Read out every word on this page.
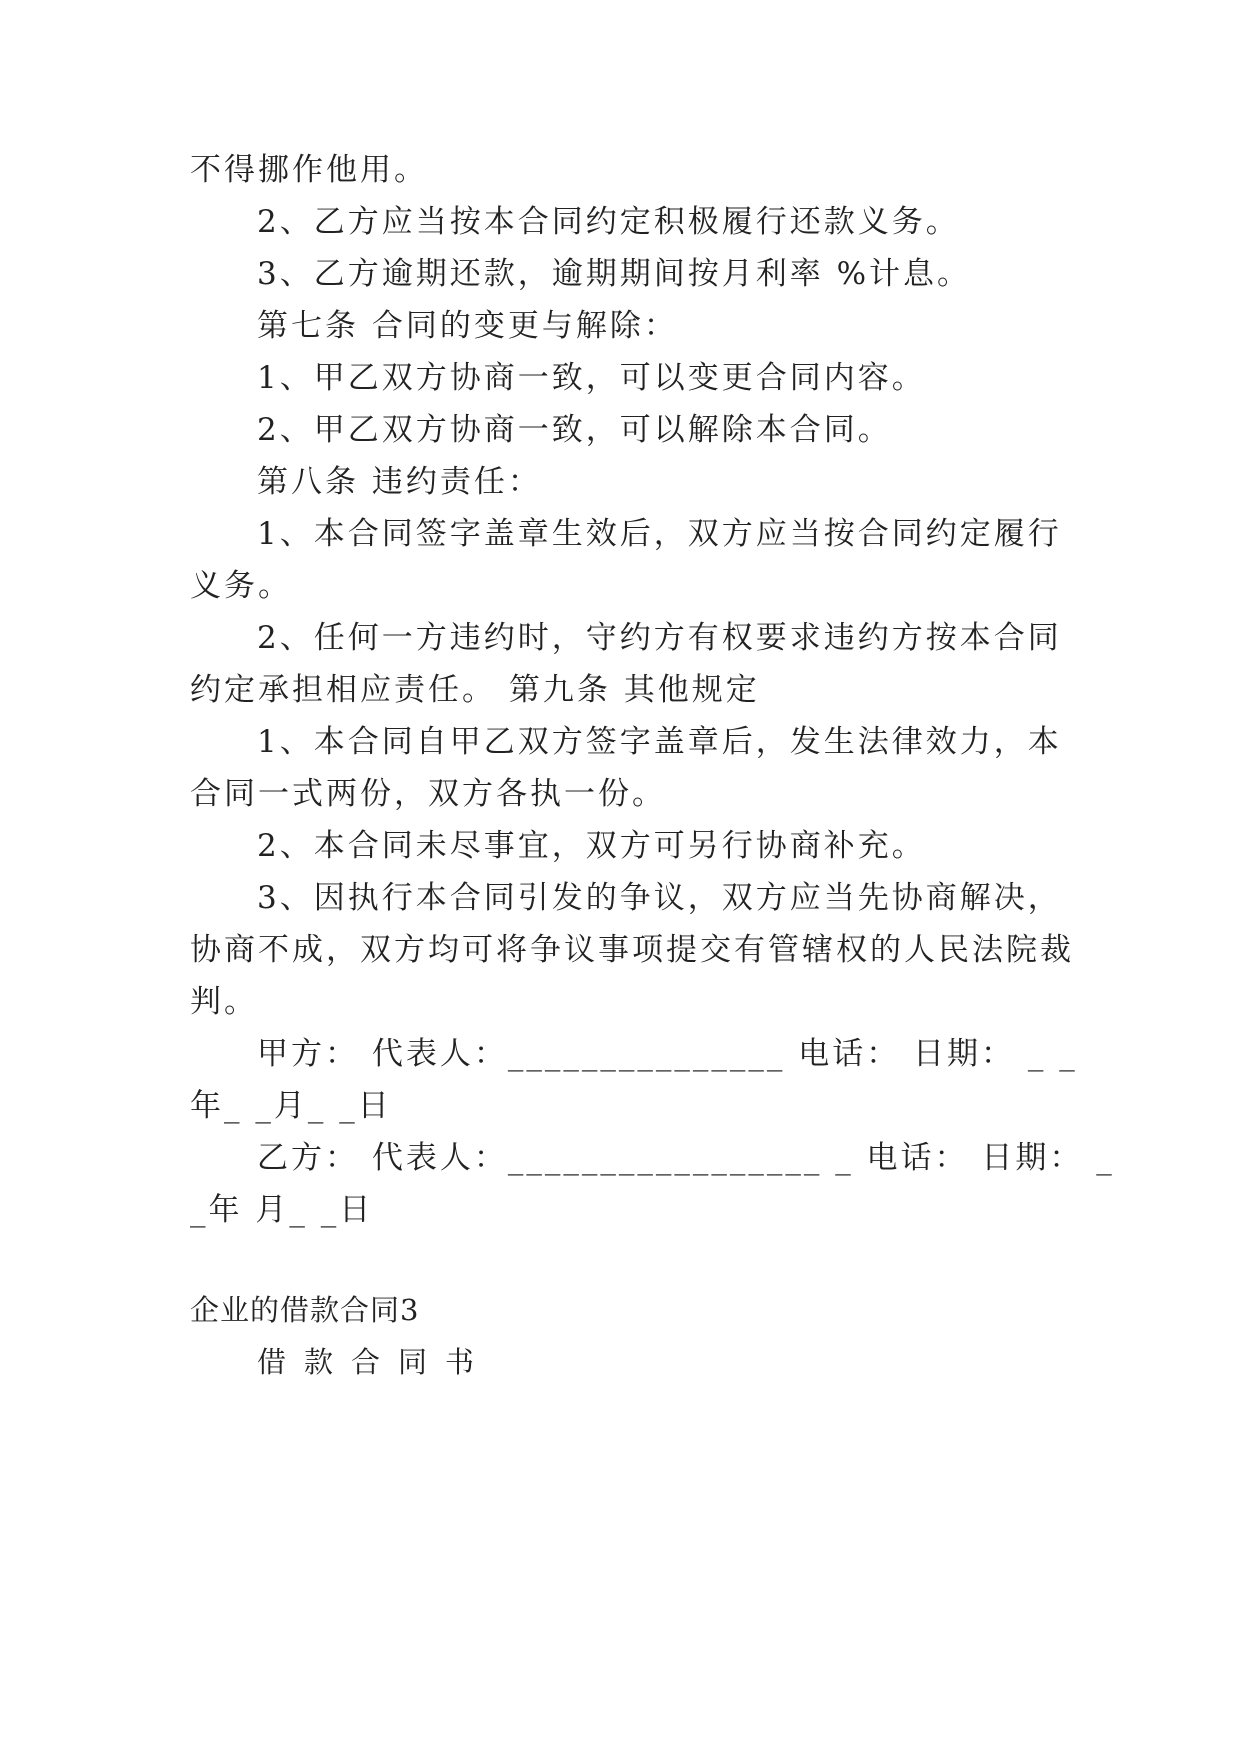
不得挪作他用。
2、乙方应当按本合同约定积极履行还款义务。
3、乙方逾期还款，逾期期间按月利率 %计息。
第七条 合同的变更与解除：
1、甲乙双方协商一致，可以变更合同内容。
2、甲乙双方协商一致，可以解除本合同。
第八条 违约责任：
1、本合同签字盖章生效后，双方应当按合同约定履行
义务。
2、任何一方违约时，守约方有权要求违约方按本合同
约定承担相应责任。 第九条 其他规定
1、本合同自甲乙双方签字盖章后，发生法律效力，本
合同一式两份，双方各执一份。
2、本合同未尽事宜，双方可另行协商补充。
3、因执行本合同引发的争议，双方应当先协商解决，
协商不成，双方均可将争议事项提交有管辖权的人民法院裁
判。
甲方： 代表人：_______________ 电话： 日期： _ _
年_ _月_ _日
乙方： 代表人：_________________ _ 电话： 日期： _
_年 月_ _日
企业的借款合同3
借款合同书
